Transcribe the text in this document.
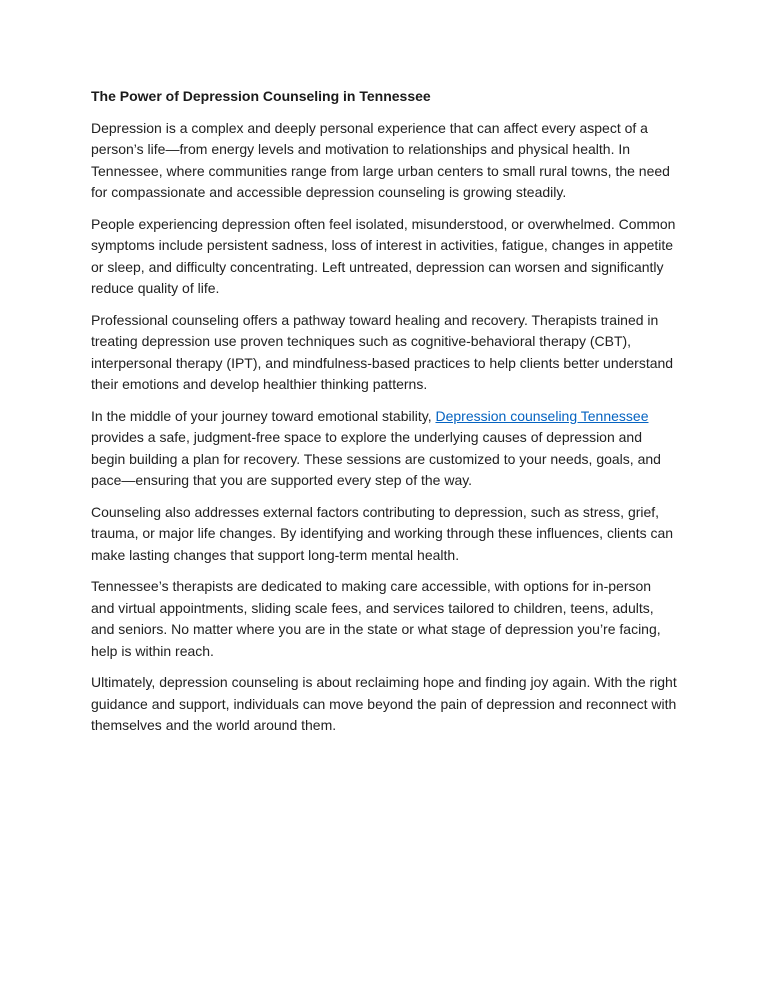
The Power of Depression Counseling in Tennessee

Depression is a complex and deeply personal experience that can affect every aspect of a person’s life—from energy levels and motivation to relationships and physical health. In Tennessee, where communities range from large urban centers to small rural towns, the need for compassionate and accessible depression counseling is growing steadily.

People experiencing depression often feel isolated, misunderstood, or overwhelmed. Common symptoms include persistent sadness, loss of interest in activities, fatigue, changes in appetite or sleep, and difficulty concentrating. Left untreated, depression can worsen and significantly reduce quality of life.

Professional counseling offers a pathway toward healing and recovery. Therapists trained in treating depression use proven techniques such as cognitive-behavioral therapy (CBT), interpersonal therapy (IPT), and mindfulness-based practices to help clients better understand their emotions and develop healthier thinking patterns.

In the middle of your journey toward emotional stability, Depression counseling Tennessee provides a safe, judgment-free space to explore the underlying causes of depression and begin building a plan for recovery. These sessions are customized to your needs, goals, and pace—ensuring that you are supported every step of the way.

Counseling also addresses external factors contributing to depression, such as stress, grief, trauma, or major life changes. By identifying and working through these influences, clients can make lasting changes that support long-term mental health.

Tennessee’s therapists are dedicated to making care accessible, with options for in-person and virtual appointments, sliding scale fees, and services tailored to children, teens, adults, and seniors. No matter where you are in the state or what stage of depression you’re facing, help is within reach.

Ultimately, depression counseling is about reclaiming hope and finding joy again. With the right guidance and support, individuals can move beyond the pain of depression and reconnect with themselves and the world around them.
